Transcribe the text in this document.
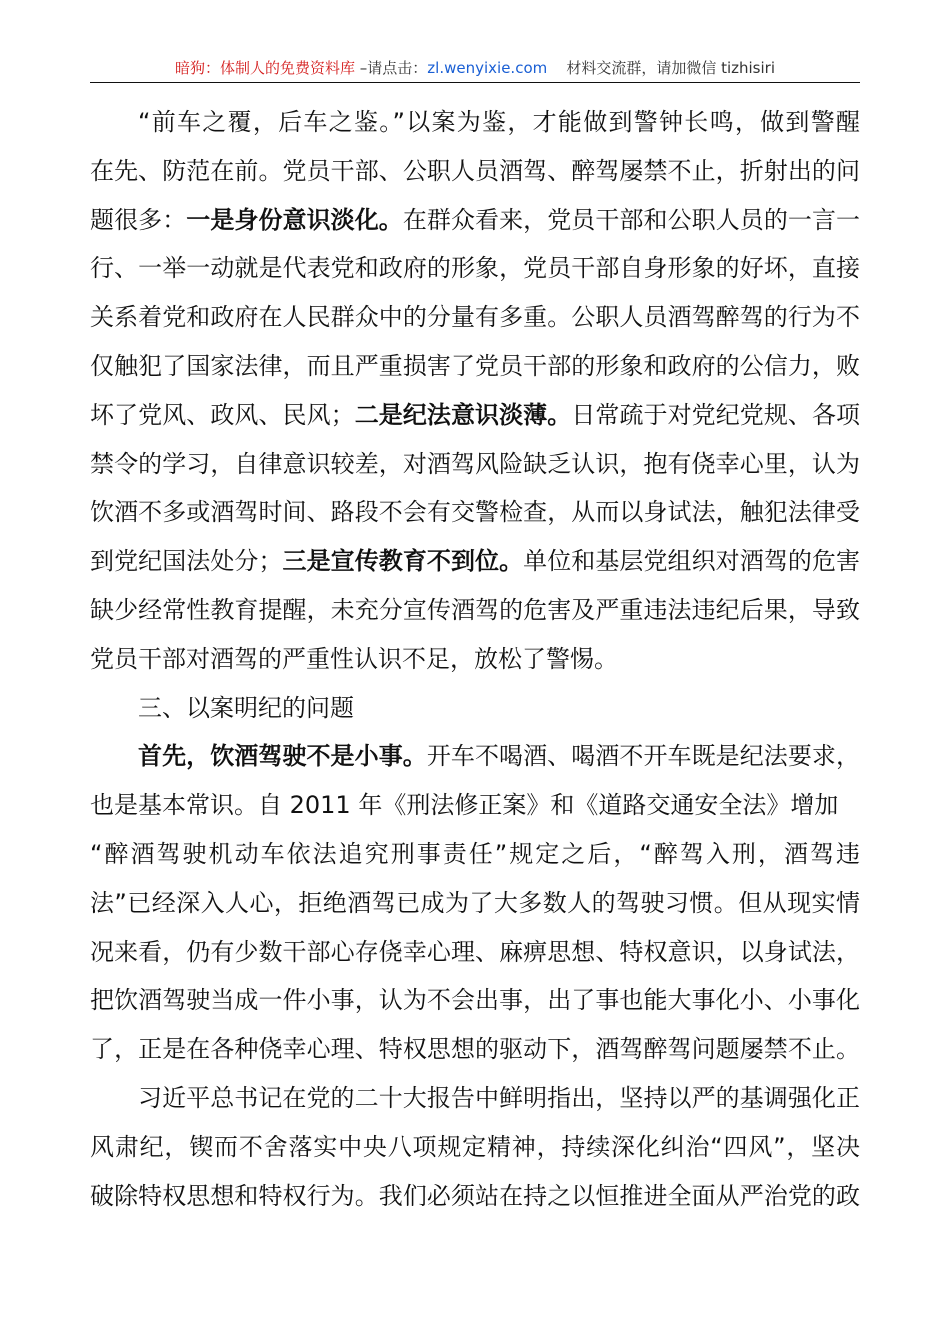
暗狗：体制人的免费资料库 –请点击：zl.wenyixie.com 材料交流群，请加微信 tizhisiri
“前车之覆，后车之鉴。”以案为鉴，才能做到警钟长鸣，做到警醒
在先、防范在前。党员干部、公职人员酒驾、醉驾屡禁不止，折射出的问
题很多：一是身份意识淡化。在群众看来，党员干部和公职人员的一言一
行、一举一动就是代表党和政府的形象，党员干部自身形象的好坏，直接
关系着党和政府在人民群众中的分量有多重。公职人员酒驾醉驾的行为不
仅触犯了国家法律，而且严重损害了党员干部的形象和政府的公信力，败
坏了党风、政风、民风；二是纪法意识淡薄。日常疏于对党纪党规、各项
禁令的学习，自律意识较差，对酒驾风险缺乏认识，抱有侥幸心里，认为
饮酒不多或酒驾时间、路段不会有交警检查，从而以身试法，触犯法律受
到党纪国法处分；三是宣传教育不到位。单位和基层党组织对酒驾的危害
缺少经常性教育提醒，未充分宣传酒驾的危害及严重违法违纪后果，导致
党员干部对酒驾的严重性认识不足，放松了警惕。
三、以案明纪的问题
首先，饮酒驾驶不是小事。开车不喝酒、喝酒不开车既是纪法要求，
也是基本常识。自 2011 年《刑法修正案》和《道路交通安全法》增加
“醉酒驾驶机动车依法追究刑事责任”规定之后，“醉驾入刑，酒驾违
法”已经深入人心，拒绝酒驾已成为了大多数人的驾驶习惯。但从现实情
况来看，仍有少数干部心存侥幸心理、麻痹思想、特权意识，以身试法，
把饮酒驾驶当成一件小事，认为不会出事，出了事也能大事化小、小事化
了，正是在各种侥幸心理、特权思想的驱动下，酒驾醉驾问题屡禁不止。
习近平总书记在党的二十大报告中鲜明指出，坚持以严的基调强化正
风肃纪，锲而不舍落实中央八项规定精神，持续深化纠治“四风”，坚决
破除特权思想和特权行为。我们必须站在持之以恒推进全面从严治党的政
